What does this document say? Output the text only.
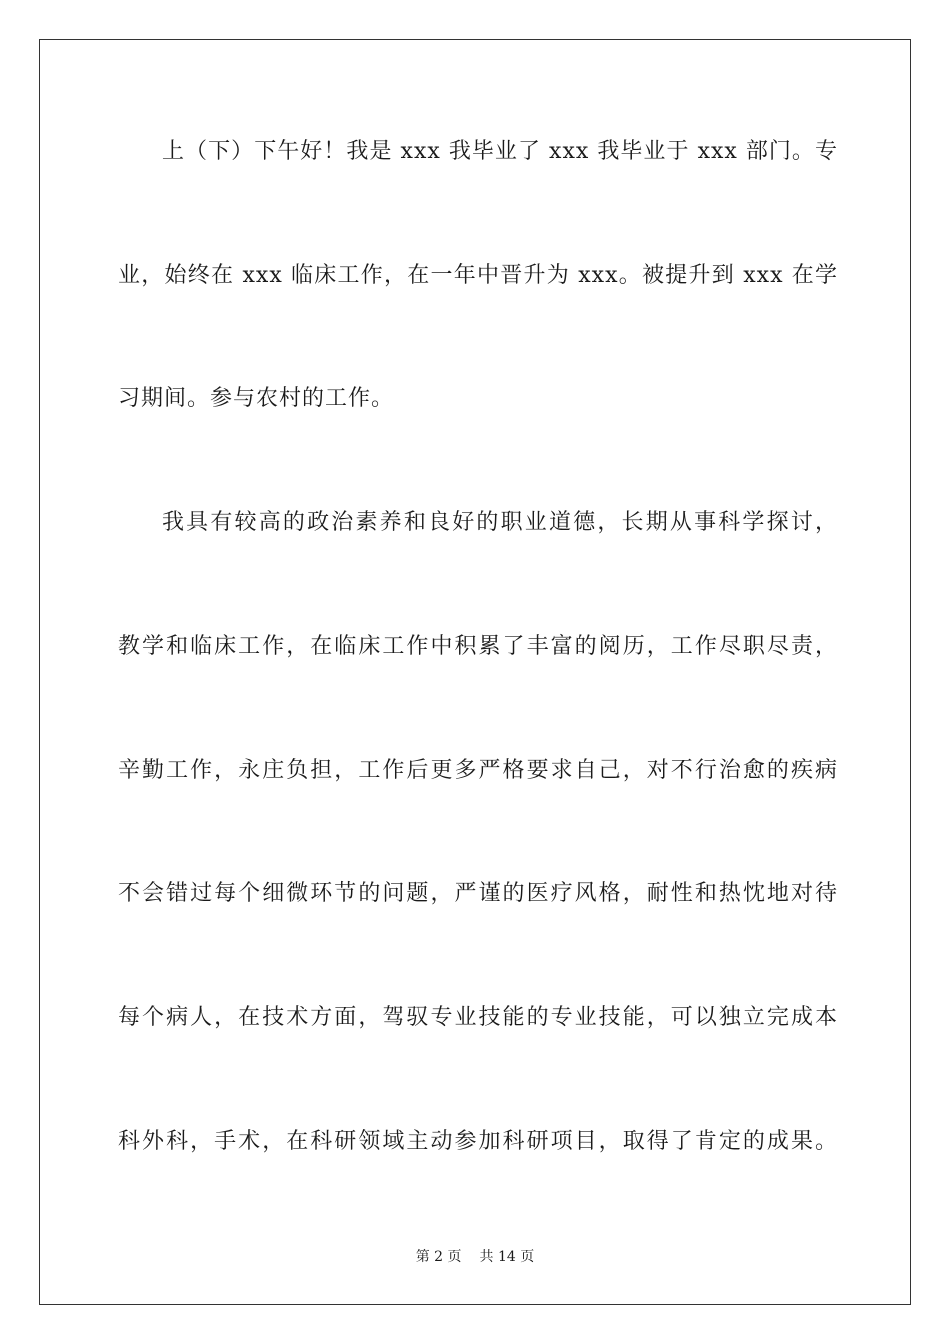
上（下）下午好！我是 xxx 我毕业了 xxx 我毕业于 xxx 部门。专
业，始终在 xxx 临床工作，在一年中晋升为 xxx。被提升到 xxx 在学
习期间。参与农村的工作。
我具有较高的政治素养和良好的职业道德，长期从事科学探讨，
教学和临床工作，在临床工作中积累了丰富的阅历，工作尽职尽责，
辛勤工作，永庄负担，工作后更多严格要求自己，对不行治愈的疾病
不会错过每个细微环节的问题，严谨的医疗风格，耐性和热忱地对待
每个病人，在技术方面，驾驭专业技能的专业技能，可以独立完成本
科外科，手术，在科研领域主动参加科研项目，取得了肯定的成果。
第 2 页 共 14 页
